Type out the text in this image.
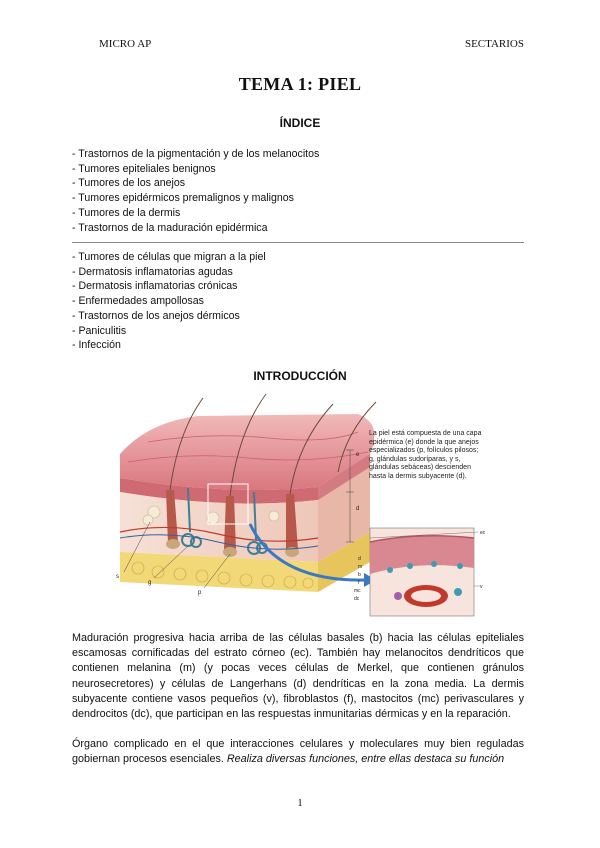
MICRO AP	SECTARIOS
TEMA 1: PIEL
ÍNDICE
- Trastornos de la pigmentación y de los melanocitos
- Tumores epiteliales benignos
- Tumores de los anejos
- Tumores epidérmicos premalignos y malignos
- Tumores de la dermis
- Trastornos de la maduración epidérmica
- Tumores de células que migran a la piel
- Dermatosis inflamatorias agudas
- Dermatosis inflamatorias crónicas
- Enfermedades ampollosas
- Trastornos de los anejos dérmicos
- Paniculitis
- Infección
INTRODUCCIÓN
e
d
s
g
p
d
m
b
f
mc
dc
ec
v
La piel está compuesta de una capa epidérmica (e) donde la que anejos especializados (p, folículos pilosos; g, glándulas sudoríparas, y s, glándulas sebáceas) descienden hasta la dermis subyacente (d).

Maduración progresiva hacia arriba de las células basales (b) hacia las células epiteliales escamosas cornificadas del estrato córneo (ec). También hay melanocitos dendríticos que contienen melanina (m) (y pocas veces células de Merkel, que contienen gránulos neurosecretores) y células de Langerhans (d) dendríticas en la zona media. La dermis subyacente contiene vasos pequeños (v), fibroblastos (f), mastocitos (mc) perivasculares y dendrocitos (dc), que participan en las respuestas inmunitarias dérmicas y en la reparación.

Órgano complicado en el que interacciones celulares y moleculares muy bien reguladas gobiernan procesos esenciales. Realiza diversas funciones, entre ellas destaca su función

1
